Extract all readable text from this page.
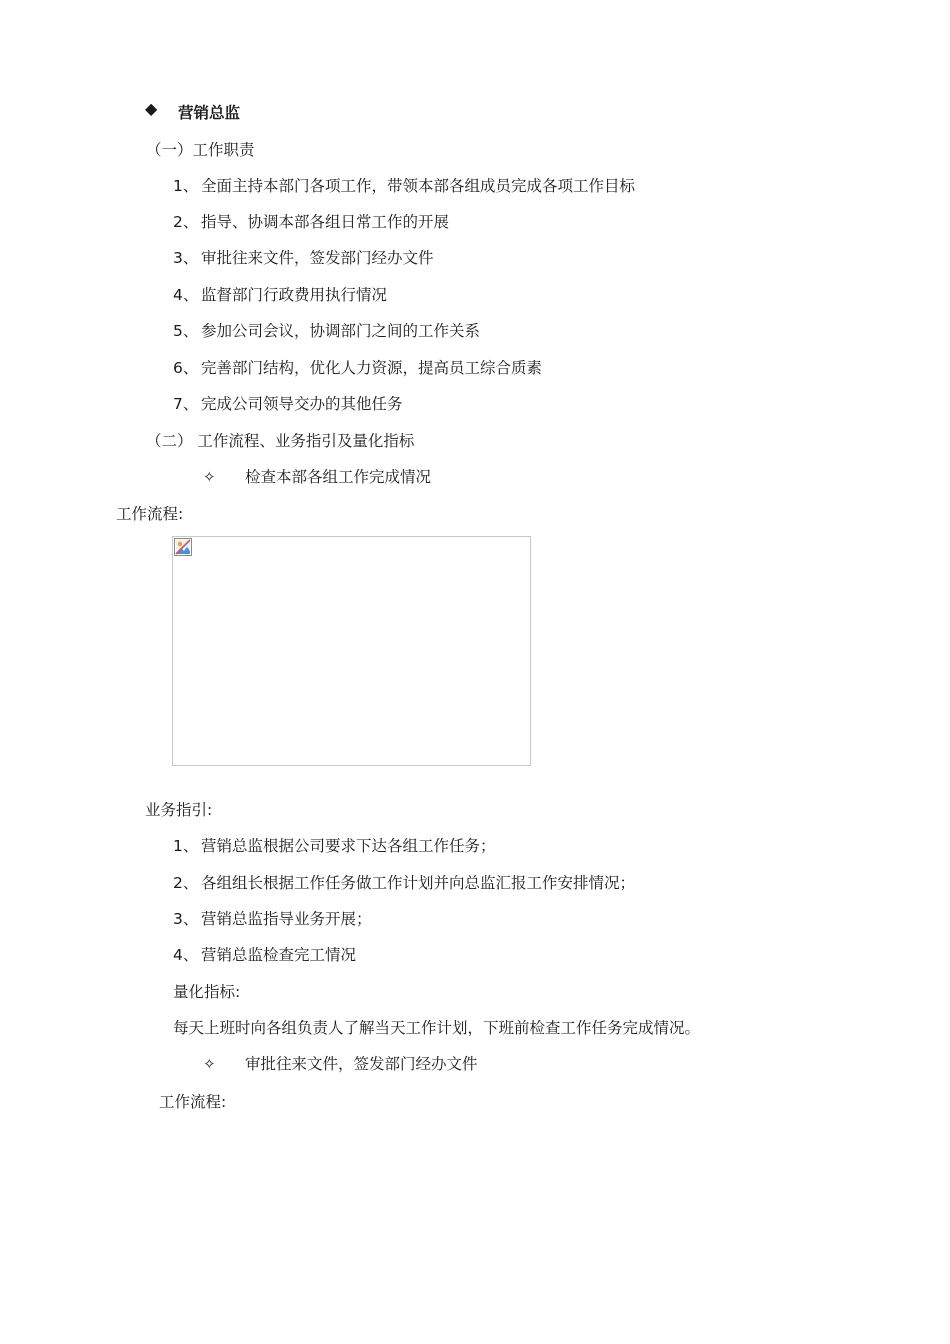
◆ 营销总监
（一）工作职责
1、 全面主持本部门各项工作，带领本部各组成员完成各项工作目标
2、 指导、协调本部各组日常工作的开展
3、 审批往来文件，签发部门经办文件
4、 监督部门行政费用执行情况
5、 参加公司会议，协调部门之间的工作关系
6、 完善部门结构，优化人力资源，提高员工综合质素
7、 完成公司领导交办的其他任务
（二） 工作流程、业务指引及量化指标
✧ 检查本部各组工作完成情况
工作流程:
业务指引:
1、 营销总监根据公司要求下达各组工作任务；
2、 各组组长根据工作任务做工作计划并向总监汇报工作安排情况；
3、 营销总监指导业务开展；
4、 营销总监检查完工情况
量化指标:
每天上班时向各组负责人了解当天工作计划，下班前检查工作任务完成情况。
✧ 审批往来文件，签发部门经办文件
工作流程:
